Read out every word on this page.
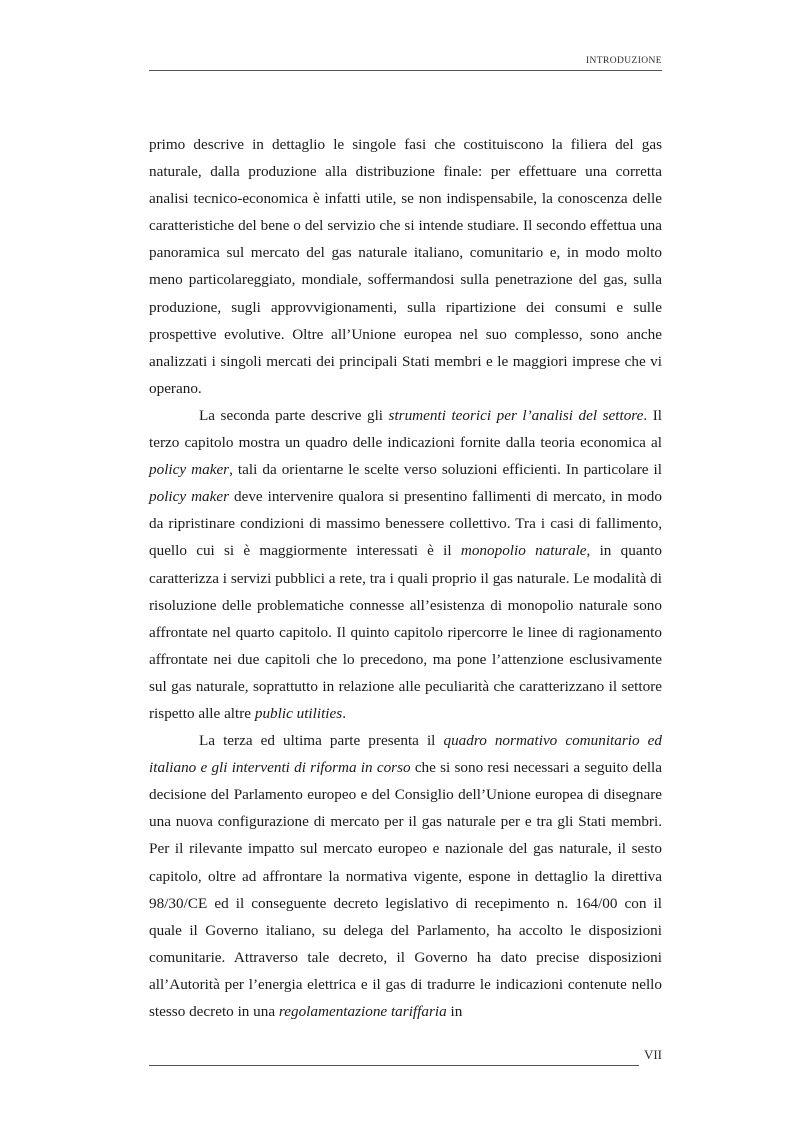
INTRODUZIONE

primo descrive in dettaglio le singole fasi che costituiscono la filiera del gas naturale, dalla produzione alla distribuzione finale: per effettuare una corretta analisi tecnico-economica è infatti utile, se non indispensabile, la conoscenza delle caratteristiche del bene o del servizio che si intende studiare. Il secondo effettua una panoramica sul mercato del gas naturale italiano, comunitario e, in modo molto meno particolareggiato, mondiale, soffermandosi sulla penetrazione del gas, sulla produzione, sugli approvvigionamenti, sulla ripartizione dei consumi e sulle prospettive evolutive. Oltre all’Unione europea nel suo complesso, sono anche analizzati i singoli mercati dei principali Stati membri e le maggiori imprese che vi operano.

La seconda parte descrive gli strumenti teorici per l’analisi del settore. Il terzo capitolo mostra un quadro delle indicazioni fornite dalla teoria economica al policy maker, tali da orientarne le scelte verso soluzioni efficienti. In particolare il policy maker deve intervenire qualora si presentino fallimenti di mercato, in modo da ripristinare condizioni di massimo benessere collettivo. Tra i casi di fallimento, quello cui si è maggiormente interessati è il monopolio naturale, in quanto caratterizza i servizi pubblici a rete, tra i quali proprio il gas naturale. Le modalità di risoluzione delle problematiche connesse all’esistenza di monopolio naturale sono affrontate nel quarto capitolo. Il quinto capitolo ripercorre le linee di ragionamento affrontate nei due capitoli che lo precedono, ma pone l’attenzione esclusivamente sul gas naturale, soprattutto in relazione alle peculiarità che caratterizzano il settore rispetto alle altre public utilities.

La terza ed ultima parte presenta il quadro normativo comunitario ed italiano e gli interventi di riforma in corso che si sono resi necessari a seguito della decisione del Parlamento europeo e del Consiglio dell’Unione europea di disegnare una nuova configurazione di mercato per il gas naturale per e tra gli Stati membri. Per il rilevante impatto sul mercato europeo e nazionale del gas naturale, il sesto capitolo, oltre ad affrontare la normativa vigente, espone in dettaglio la direttiva 98/30/CE ed il conseguente decreto legislativo di recepimento n. 164/00 con il quale il Governo italiano, su delega del Parlamento, ha accolto le disposizioni comunitarie. Attraverso tale decreto, il Governo ha dato precise disposizioni all’Autorità per l’energia elettrica e il gas di tradurre le indicazioni contenute nello stesso decreto in una regolamentazione tariffaria in

VII
